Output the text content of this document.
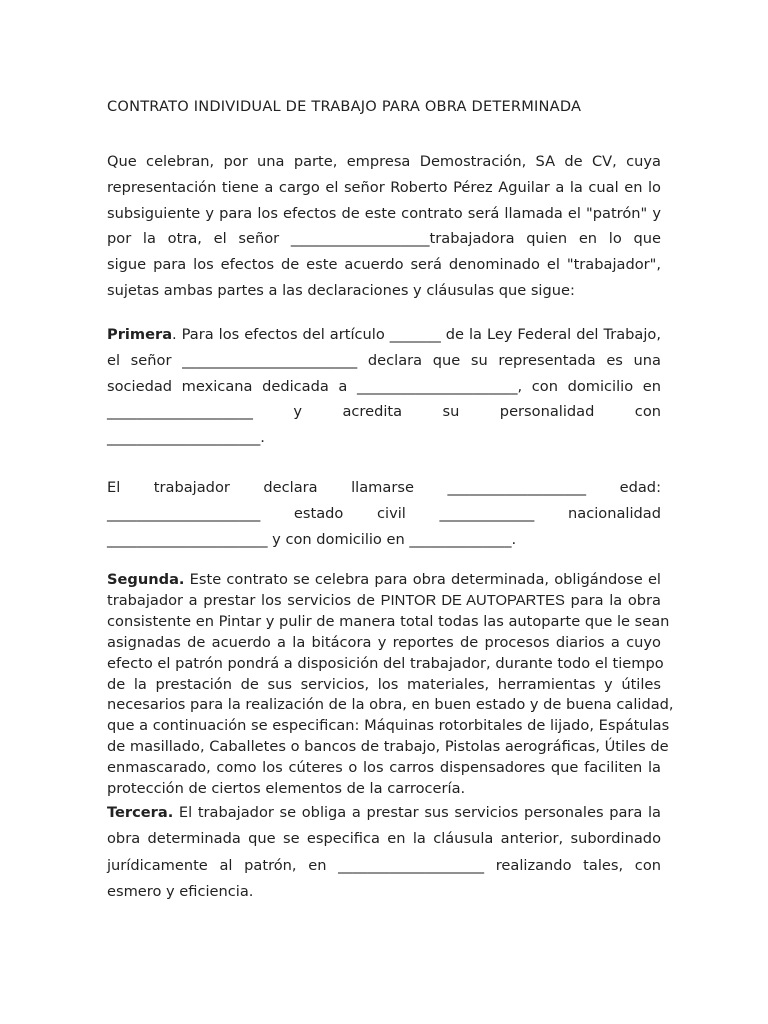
CONTRATO INDIVIDUAL DE TRABAJO PARA OBRA DETERMINADA
Que celebran, por una parte, empresa Demostración, SA de CV, cuya
representación tiene a cargo el señor Roberto Pérez Aguilar a la cual en lo
subsiguiente y para los efectos de este contrato será llamada el "patrón" y
por la otra, el señor ___________________trabajadora quien en lo que
sigue para los efectos de este acuerdo será denominado el "trabajador",
sujetas ambas partes a las declaraciones y cláusulas que sigue:
Primera. Para los efectos del artículo _______ de la Ley Federal del Trabajo,
el señor ________________________ declara que su representada es una
sociedad mexicana dedicada a ______________________, con domicilio en
____________________ y acredita su personalidad con
_____________________.
El trabajador declara llamarse ___________________ edad:
_____________________ estado civil _____________ nacionalidad
______________________ y con domicilio en ______________.
Segunda. Este contrato se celebra para obra determinada, obligándose el
trabajador a prestar los servicios de PINTOR DE AUTOPARTES para la obra
consistente en Pintar y pulir de manera total todas las autoparte que le sean
asignadas de acuerdo a la bitácora y reportes de procesos diarios a cuyo
efecto el patrón pondrá a disposición del trabajador, durante todo el tiempo
de la prestación de sus servicios, los materiales, herramientas y útiles
necesarios para la realización de la obra, en buen estado y de buena calidad,
que a continuación se especifican: Máquinas rotorbitales de lijado, Espátulas
de masillado, Caballetes o bancos de trabajo, Pistolas aerográficas, Útiles de
enmascarado, como los cúteres o los carros dispensadores que faciliten la
protección de ciertos elementos de la carrocería.
Tercera. El trabajador se obliga a prestar sus servicios personales para la
obra determinada que se especifica en la cláusula anterior, subordinado
jurídicamente al patrón, en ____________________ realizando tales, con
esmero y eficiencia.
